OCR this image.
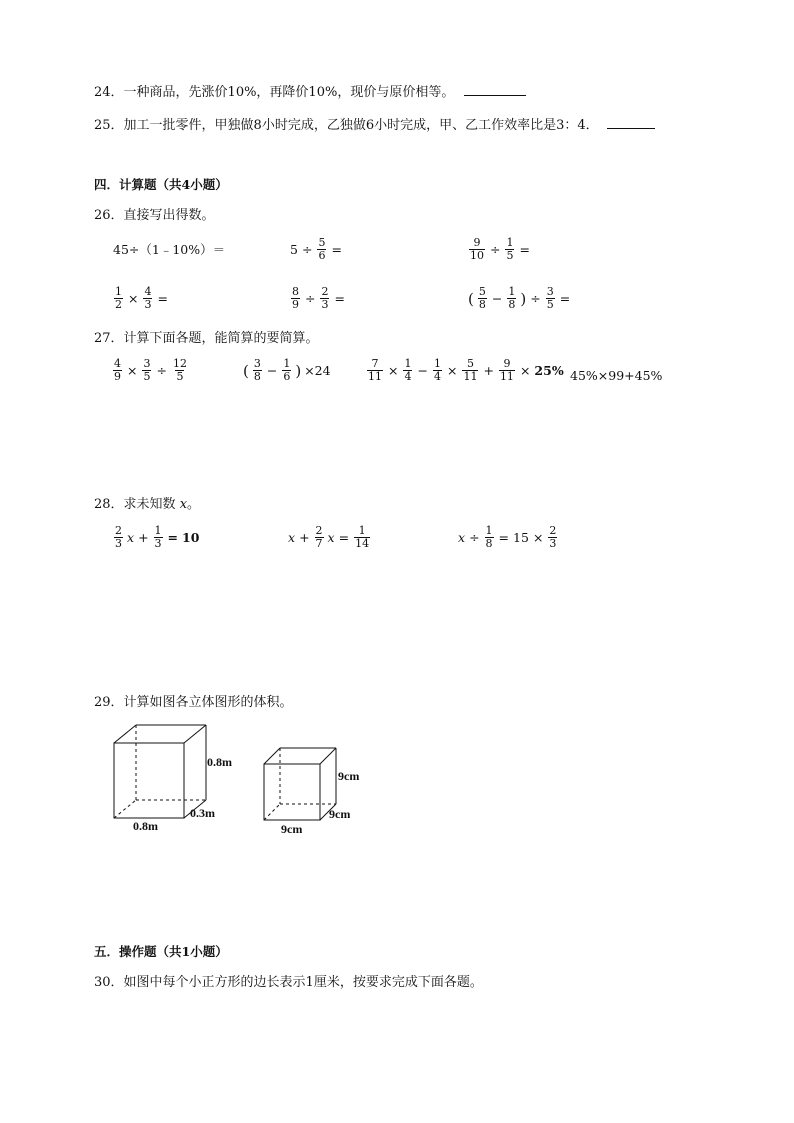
24．一种商品，先涨价10%，再降价10%，现价与原价相等。
25．加工一批零件，甲独做8小时完成，乙独做6小时完成，甲、乙工作效率比是3：4．
四．计算题（共4小题）
26．直接写出得数。
45÷（1﹣10%）＝	$5 \div \frac{5}{6}$ =	$\frac{9}{10} \div \frac{1}{5}$ =
$\frac{1}{2} \times \frac{4}{3}$ =	$\frac{8}{9} \div \frac{2}{3}$ =	( $\frac{5}{8} - \frac{1}{8}$ ) ÷ $\frac{3}{5}$ =
27．计算下面各题，能简算的要简算。
$\frac{4}{9} \times \frac{3}{5} \div \frac{12}{5}$	( $\frac{3}{8} - \frac{1}{6}$ ) ×24	$\frac{7}{11} \times \frac{1}{4} - \frac{1}{4} \times \frac{5}{11} + \frac{9}{11} \times 25\%$ 45%×99+45%
28．求未知数 x。
$\frac{2}{3}$ $x + \frac{1}{3} = 10$	$x + \frac{2}{7}$ $x = \frac{1}{14}$	$x \div \frac{1}{8} = 15 \times \frac{2}{3}$
29．计算如图各立体图形的体积。
0.8m
0.3m
0.8m
9cm
9cm
9cm
五．操作题（共1小题）
30．如图中每个小正方形的边长表示1厘米，按要求完成下面各题。
